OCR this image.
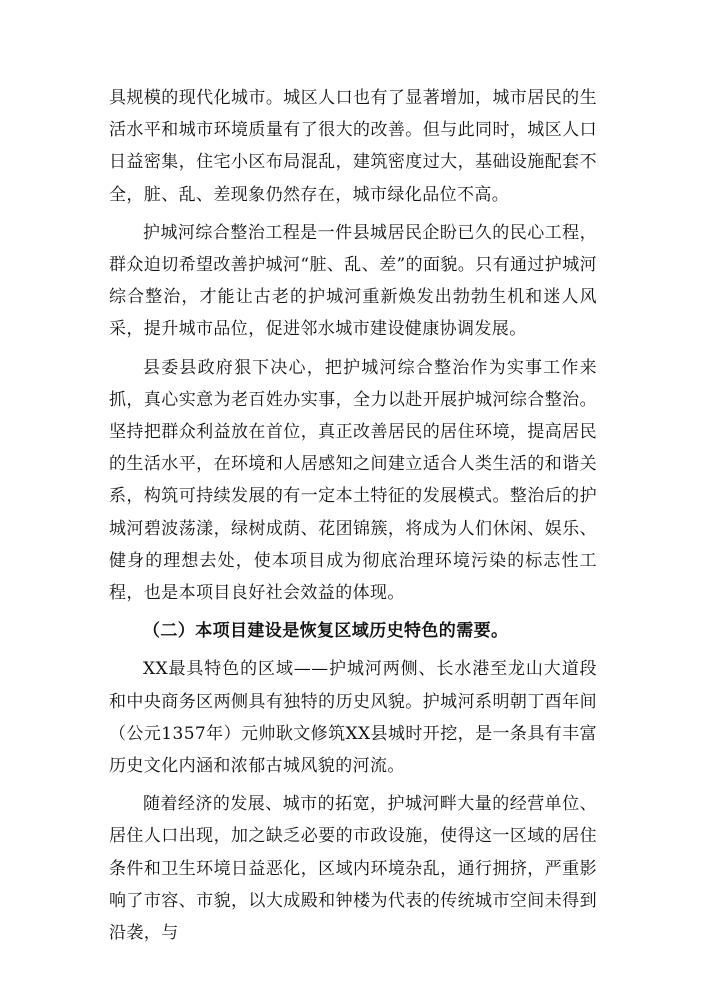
具规模的现代化城市。城区人口也有了显著增加，城市居民的生活水平和城市环境质量有了很大的改善。但与此同时，城区人口日益密集，住宅小区布局混乱，建筑密度过大，基础设施配套不全，脏、乱、差现象仍然存在，城市绿化品位不高。

护城河综合整治工程是一件县城居民企盼已久的民心工程，群众迫切希望改善护城河“脏、乱、差”的面貌。只有通过护城河综合整治，才能让古老的护城河重新焕发出勃勃生机和迷人风采，提升城市品位，促进邻水城市建设健康协调发展。

县委县政府狠下决心，把护城河综合整治作为实事工作来抓，真心实意为老百姓办实事，全力以赴开展护城河综合整治。坚持把群众利益放在首位，真正改善居民的居住环境，提高居民的生活水平，在环境和人居感知之间建立适合人类生活的和谐关系，构筑可持续发展的有一定本土特征的发展模式。整治后的护城河碧波荡漾，绿树成荫、花团锦簇，将成为人们休闲、娱乐、健身的理想去处，使本项目成为彻底治理环境污染的标志性工程，也是本项目良好社会效益的体现。

（二）本项目建设是恢复区域历史特色的需要。

XX最具特色的区域——护城河两侧、长水港至龙山大道段和中央商务区两侧具有独特的历史风貌。护城河系明朝丁酉年间（公元1357年）元帅耿文修筑XX县城时开挖，是一条具有丰富历史文化内涵和浓郁古城风貌的河流。

随着经济的发展、城市的拓宽，护城河畔大量的经营单位、居住人口出现，加之缺乏必要的市政设施，使得这一区域的居住条件和卫生环境日益恶化，区域内环境杂乱，通行拥挤，严重影响了市容、市貌，以大成殿和钟楼为代表的传统城市空间未得到沿袭，与
